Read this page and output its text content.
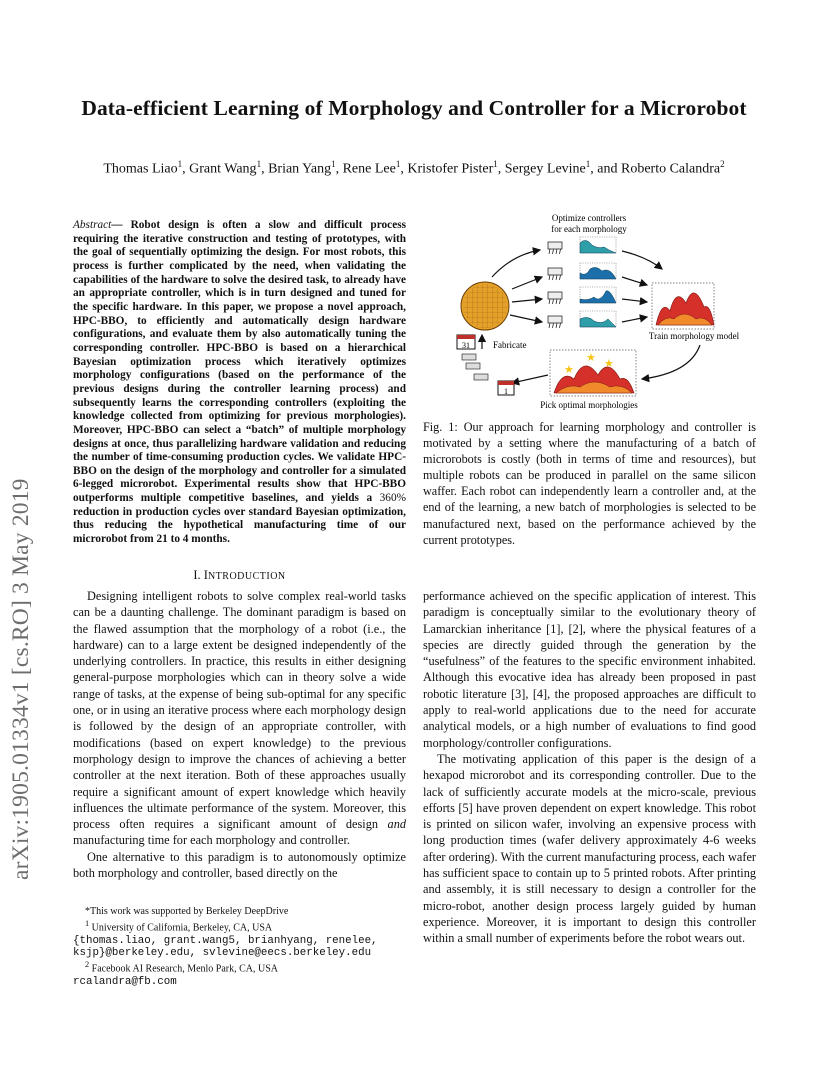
Data-efficient Learning of Morphology and Controller for a Microrobot
Thomas Liao$^1$, Grant Wang$^1$, Brian Yang$^1$, Rene Lee$^1$, Kristofer Pister$^1$, Sergey Levine$^1$, and Roberto Calandra$^2$
arXiv:1905.01334v1 [cs.RO] 3 May 2019

Abstract— Robot design is often a slow and difficult process requiring the iterative construction and testing of prototypes, with the goal of sequentially optimizing the design. For most robots, this process is further complicated by the need, when validating the capabilities of the hardware to solve the desired task, to already have an appropriate controller, which is in turn designed and tuned for the specific hardware. In this paper, we propose a novel approach, HPC-BBO, to efficiently and automatically design hardware configurations, and evaluate them by also automatically tuning the corresponding controller. HPC-BBO is based on a hierarchical Bayesian optimization process which iteratively optimizes morphology configurations (based on the performance of the previous designs during the controller learning process) and subsequently learns the corresponding controllers (exploiting the knowledge collected from optimizing for previous morphologies). Moreover, HPC-BBO can select a “batch” of multiple morphology designs at once, thus parallelizing hardware validation and reducing the number of time-consuming production cycles. We validate HPC-BBO on the design of the morphology and controller for a simulated 6-legged microrobot. Experimental results show that HPC-BBO outperforms multiple competitive baselines, and yields a 360% reduction in production cycles over standard Bayesian optimization, thus reducing the hypothetical manufacturing time of our microrobot from 21 to 4 months.

I. INTRODUCTION

Designing intelligent robots to solve complex real-world tasks can be a daunting challenge. The dominant paradigm is based on the flawed assumption that the morphology of a robot (i.e., the hardware) can to a large extent be designed independently of the underlying controllers. In practice, this results in either designing general-purpose morphologies which can in theory solve a wide range of tasks, at the expense of being sub-optimal for any specific one, or in using an iterative process where each morphology design is followed by the design of an appropriate controller, with modifications (based on expert knowledge) to the previous morphology design to improve the chances of achieving a better controller at the next iteration. Both of these approaches usually require a significant amount of expert knowledge which heavily influences the ultimate performance of the system. Moreover, this process often requires a significant amount of design and manufacturing time for each morphology and controller.

One alternative to this paradigm is to autonomously optimize both morphology and controller, based directly on the

*This work was supported by Berkeley DeepDrive

$^1$ University of California, Berkeley, CA, USA

{thomas.liao, grant.wang5, brianhyang, renelee, ksjp}@berkeley.edu, svlevine@eecs.berkeley.edu

$^2$ Facebook AI Research, Menlo Park, CA, USA

rcalandra@fb.com

Optimize controllers
for each morphology
Train morphology model
★
★ ★
Pick optimal morphologies
31
1
Fabricate

Fig. 1: Our approach for learning morphology and controller is motivated by a setting where the manufacturing of a batch of microrobots is costly (both in terms of time and resources), but multiple robots can be produced in parallel on the same silicon waffer. Each robot can independently learn a controller and, at the end of the learning, a new batch of morphologies is selected to be manufactured next, based on the performance achieved by the current prototypes.

performance achieved on the specific application of interest. This paradigm is conceptually similar to the evolutionary theory of Lamarckian inheritance [1], [2], where the physical features of a species are directly guided through the generation by the “usefulness” of the features to the specific environment inhabited. Although this evocative idea has already been proposed in past robotic literature [3], [4], the proposed approaches are difficult to apply to real-world applications due to the need for accurate analytical models, or a high number of evaluations to find good morphology/controller configurations.

The motivating application of this paper is the design of a hexapod microrobot and its corresponding controller. Due to the lack of sufficiently accurate models at the micro-scale, previous efforts [5] have proven dependent on expert knowledge. This robot is printed on silicon wafer, involving an expensive process with long production times (wafer delivery approximately 4-6 weeks after ordering). With the current manufacturing process, each wafer has sufficient space to contain up to 5 printed robots. After printing and assembly, it is still necessary to design a controller for the micro-robot, another design process largely guided by human experience. Moreover, it is important to design this controller within a small number of experiments before the robot wears out.
